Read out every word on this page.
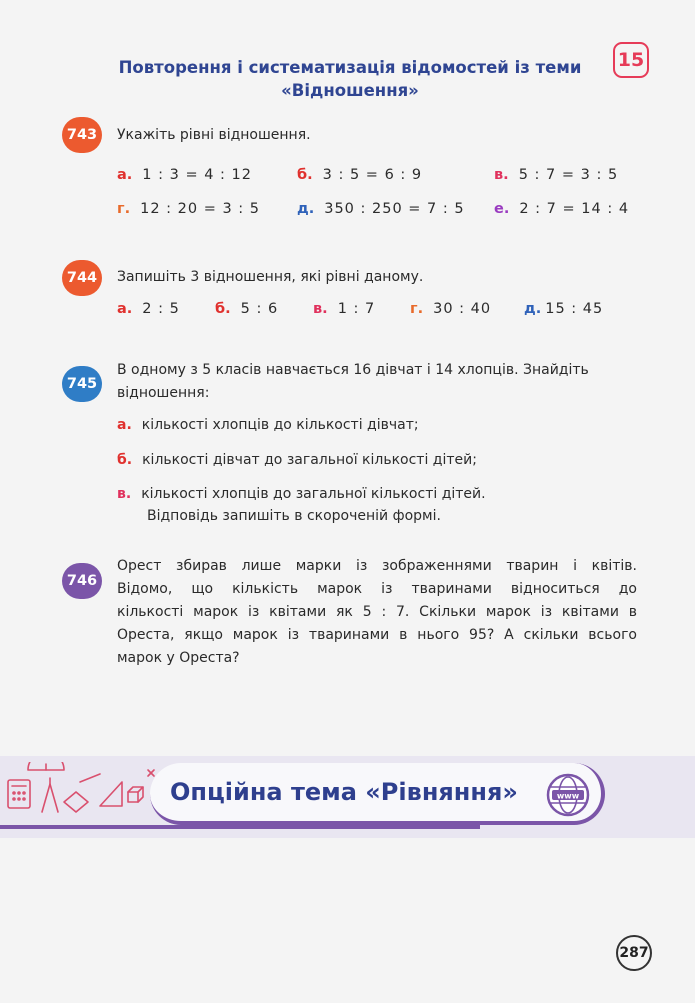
Повторення і систематизація відомостей із теми
«Відношення»
15
743	Укажіть рівні відношення.
а. 1 : 3 = 4 : 12	б. 3 : 5 = 6 : 9	в. 5 : 7 = 3 : 5
г. 12 : 20 = 3 : 5	д. 350 : 250 = 7 : 5 е. 2 : 7 = 14 : 4
744	Запишіть 3 відношення, які рівні даному.
а. 2 : 5 б. 5 : 6 в. 1 : 7 г. 30 : 40 д. 15 : 45
745
В одному з 5 класів навчається 16 дівчат і 14 хлопців. Знайдіть
відношення:
а. кількості хлопців до кількості дівчат;
б. кількості дівчат до загальної кількості дітей;
в. кількості хлопців до загальної кількості дітей.
Відповідь запишіть в скороченій формі.
746
Орест збирав лише марки із зображеннями тварин і квітів.
Відомо, що кількість марок із тваринами відноситься до
кількості марок із квітами як 5 : 7. Скільки марок із квітами в
Ореста, якщо марок із тваринами в нього 95? А скільки всього
марок у Ореста?
Опційна тема «Рівняння»	www
287
